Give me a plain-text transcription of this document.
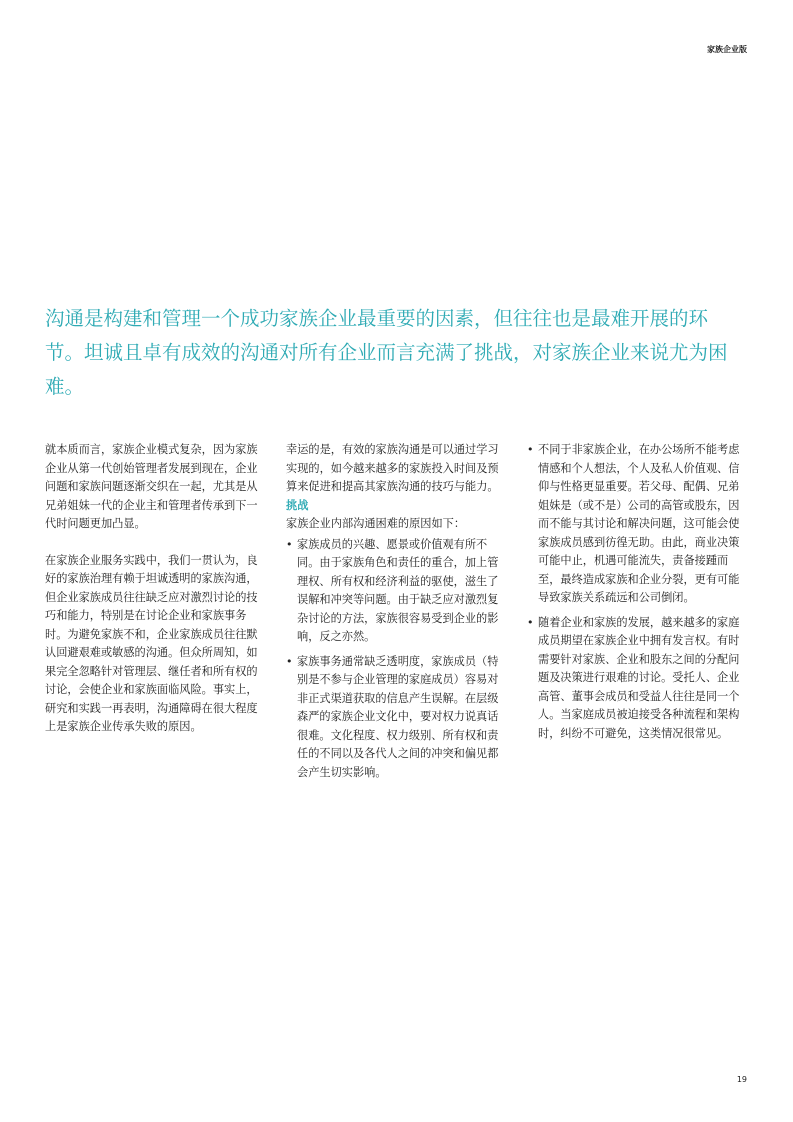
家族企业版

沟通是构建和管理一个成功家族企业最重要的因素，但往往也是最难开展的环节。坦诚且卓有成效的沟通对所有企业而言充满了挑战，对家族企业来说尤为困难。

就本质而言，家族企业模式复杂，因为家族企业从第一代创始管理者发展到现在，企业问题和家族问题逐渐交织在一起，尤其是从兄弟姐妹一代的企业主和管理者传承到下一代时问题更加凸显。

在家族企业服务实践中，我们一贯认为，良好的家族治理有赖于坦诚透明的家族沟通，但企业家族成员往往缺乏应对激烈讨论的技巧和能力，特别是在讨论企业和家族事务时。为避免家族不和，企业家族成员往往默认回避艰难或敏感的沟通。但众所周知，如果完全忽略针对管理层、继任者和所有权的讨论，会使企业和家族面临风险。事实上，研究和实践一再表明，沟通障碍在很大程度上是家族企业传承失败的原因。

幸运的是，有效的家族沟通是可以通过学习实现的，如今越来越多的家族投入时间及预算来促进和提高其家族沟通的技巧与能力。

挑战

家族企业内部沟通困难的原因如下：

• 家族成员的兴趣、愿景或价值观有所不同。由于家族角色和责任的重合，加上管理权、所有权和经济利益的驱使，滋生了误解和冲突等问题。由于缺乏应对激烈复杂讨论的方法，家族很容易受到企业的影响，反之亦然。
• 家族事务通常缺乏透明度，家族成员（特别是不参与企业管理的家庭成员）容易对非正式渠道获取的信息产生误解。在层级森严的家族企业文化中，要对权力说真话很难。文化程度、权力级别、所有权和责任的不同以及各代人之间的冲突和偏见都会产生切实影响。
• 不同于非家族企业，在办公场所不能考虑情感和个人想法，个人及私人价值观、信仰与性格更显重要。若父母、配偶、兄弟姐妹是（或不是）公司的高管或股东，因而不能与其讨论和解决问题，这可能会使家族成员感到彷徨无助。由此，商业决策可能中止，机遇可能流失，责备接踵而至，最终造成家族和企业分裂，更有可能导致家族关系疏远和公司倒闭。
• 随着企业和家族的发展，越来越多的家庭成员期望在家族企业中拥有发言权。有时需要针对家族、企业和股东之间的分配问题及决策进行艰难的讨论。受托人、企业高管、董事会成员和受益人往往是同一个人。当家庭成员被迫接受各种流程和架构时，纠纷不可避免，这类情况很常见。
19
